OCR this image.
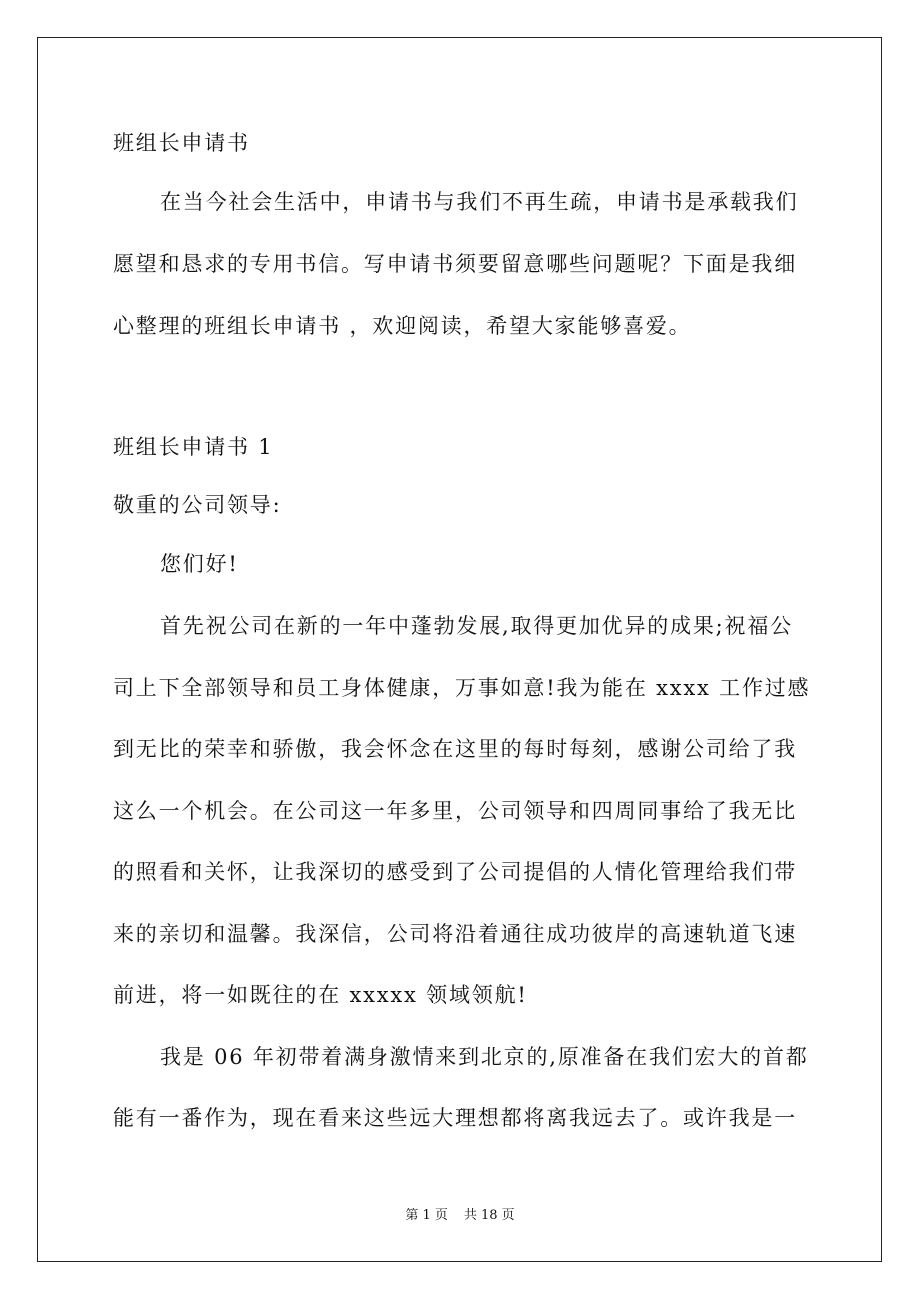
班组长申请书
在当今社会生活中，申请书与我们不再生疏，申请书是承载我们
愿望和恳求的专用书信。写申请书须要留意哪些问题呢？下面是我细
心整理的班组长申请书 ，欢迎阅读，希望大家能够喜爱。
班组长申请书 1
敬重的公司领导:
您们好!
首先祝公司在新的一年中蓬勃发展,取得更加优异的成果;祝福公
司上下全部领导和员工身体健康，万事如意!我为能在 xxxx 工作过感
到无比的荣幸和骄傲，我会怀念在这里的每时每刻，感谢公司给了我
这么一个机会。在公司这一年多里，公司领导和四周同事给了我无比
的照看和关怀，让我深切的感受到了公司提倡的人情化管理给我们带
来的亲切和温馨。我深信，公司将沿着通往成功彼岸的高速轨道飞速
前进，将一如既往的在 xxxxx 领域领航!
我是 06 年初带着满身激情来到北京的,原准备在我们宏大的首都
能有一番作为，现在看来这些远大理想都将离我远去了。或许我是一
第 1 页 共 18 页
